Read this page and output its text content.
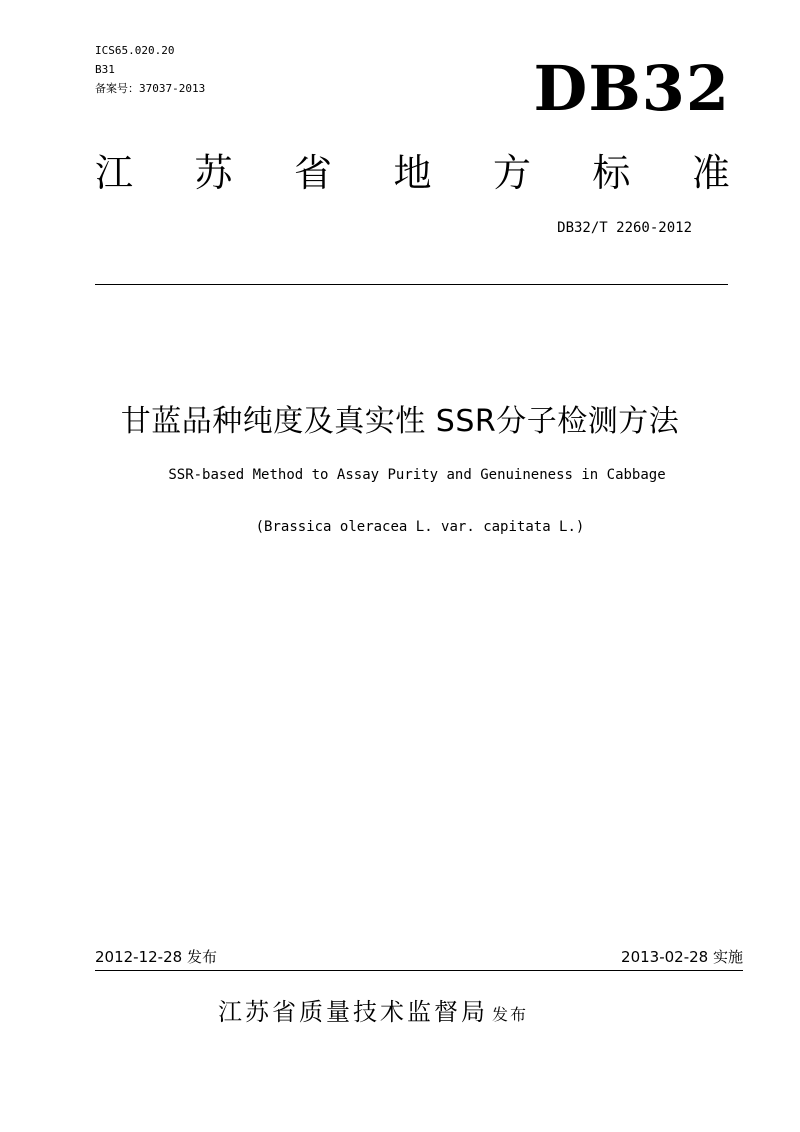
ICS65.020.20
B31
备案号：37037-2013	DB32
江 苏 省 地 方 标 准
DB32/T 2260-2012
甘蓝品种纯度及真实性 SSR分子检测方法
SSR-based Method to Assay Purity and Genuineness in Cabbage
(Brassica oleracea L. var. capitata L.)
2012-12-28 发布	2013-02-28 实施
江苏省质量技术监督局 发布
